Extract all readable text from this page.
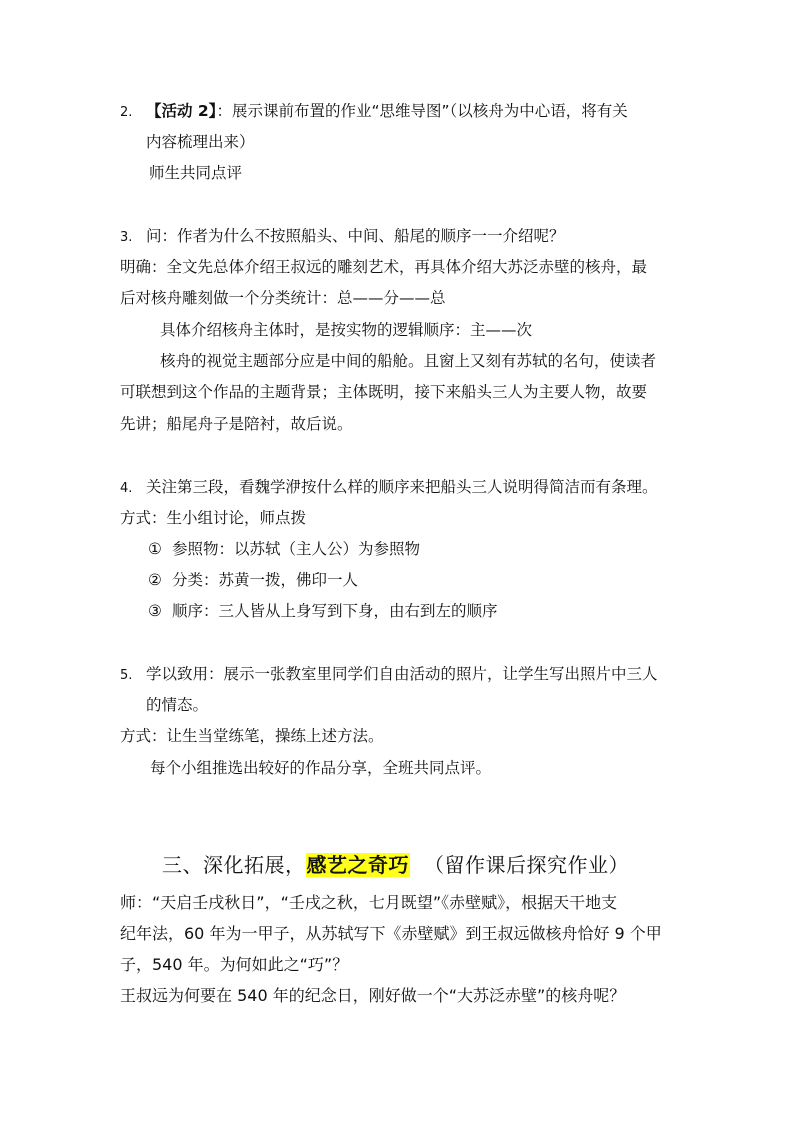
2. 【活动 2】：展示课前布置的作业“思维导图”（以核舟为中心语，将有关
内容梳理出来）
师生共同点评
3. 问：作者为什么不按照船头、中间、船尾的顺序一一介绍呢？
明确：全文先总体介绍王叔远的雕刻艺术，再具体介绍大苏泛赤壁的核舟，最
后对核舟雕刻做一个分类统计：总——分——总
具体介绍核舟主体时，是按实物的逻辑顺序：主——次
核舟的视觉主题部分应是中间的船舱。且窗上又刻有苏轼的名句，使读者
可联想到这个作品的主题背景；主体既明，接下来船头三人为主要人物，故要
先讲；船尾舟子是陪衬，故后说。
4. 关注第三段，看魏学洢按什么样的顺序来把船头三人说明得简洁而有条理。
方式：生小组讨论，师点拨
① 参照物：以苏轼（主人公）为参照物
② 分类：苏黄一拨，佛印一人
③ 顺序：三人皆从上身写到下身，由右到左的顺序
5. 学以致用：展示一张教室里同学们自由活动的照片，让学生写出照片中三人
的情态。
方式：让生当堂练笔，操练上述方法。
每个小组推选出较好的作品分享，全班共同点评。
三、深化拓展，感艺之奇巧 （留作课后探究作业）
师：“天启壬戌秋日”，“壬戌之秋，七月既望”《赤壁赋》，根据天干地支
纪年法，60 年为一甲子，从苏轼写下《赤壁赋》到王叔远做核舟恰好 9 个甲
子，540 年。为何如此之“巧”？
王叔远为何要在 540 年的纪念日，刚好做一个“大苏泛赤壁”的核舟呢？
